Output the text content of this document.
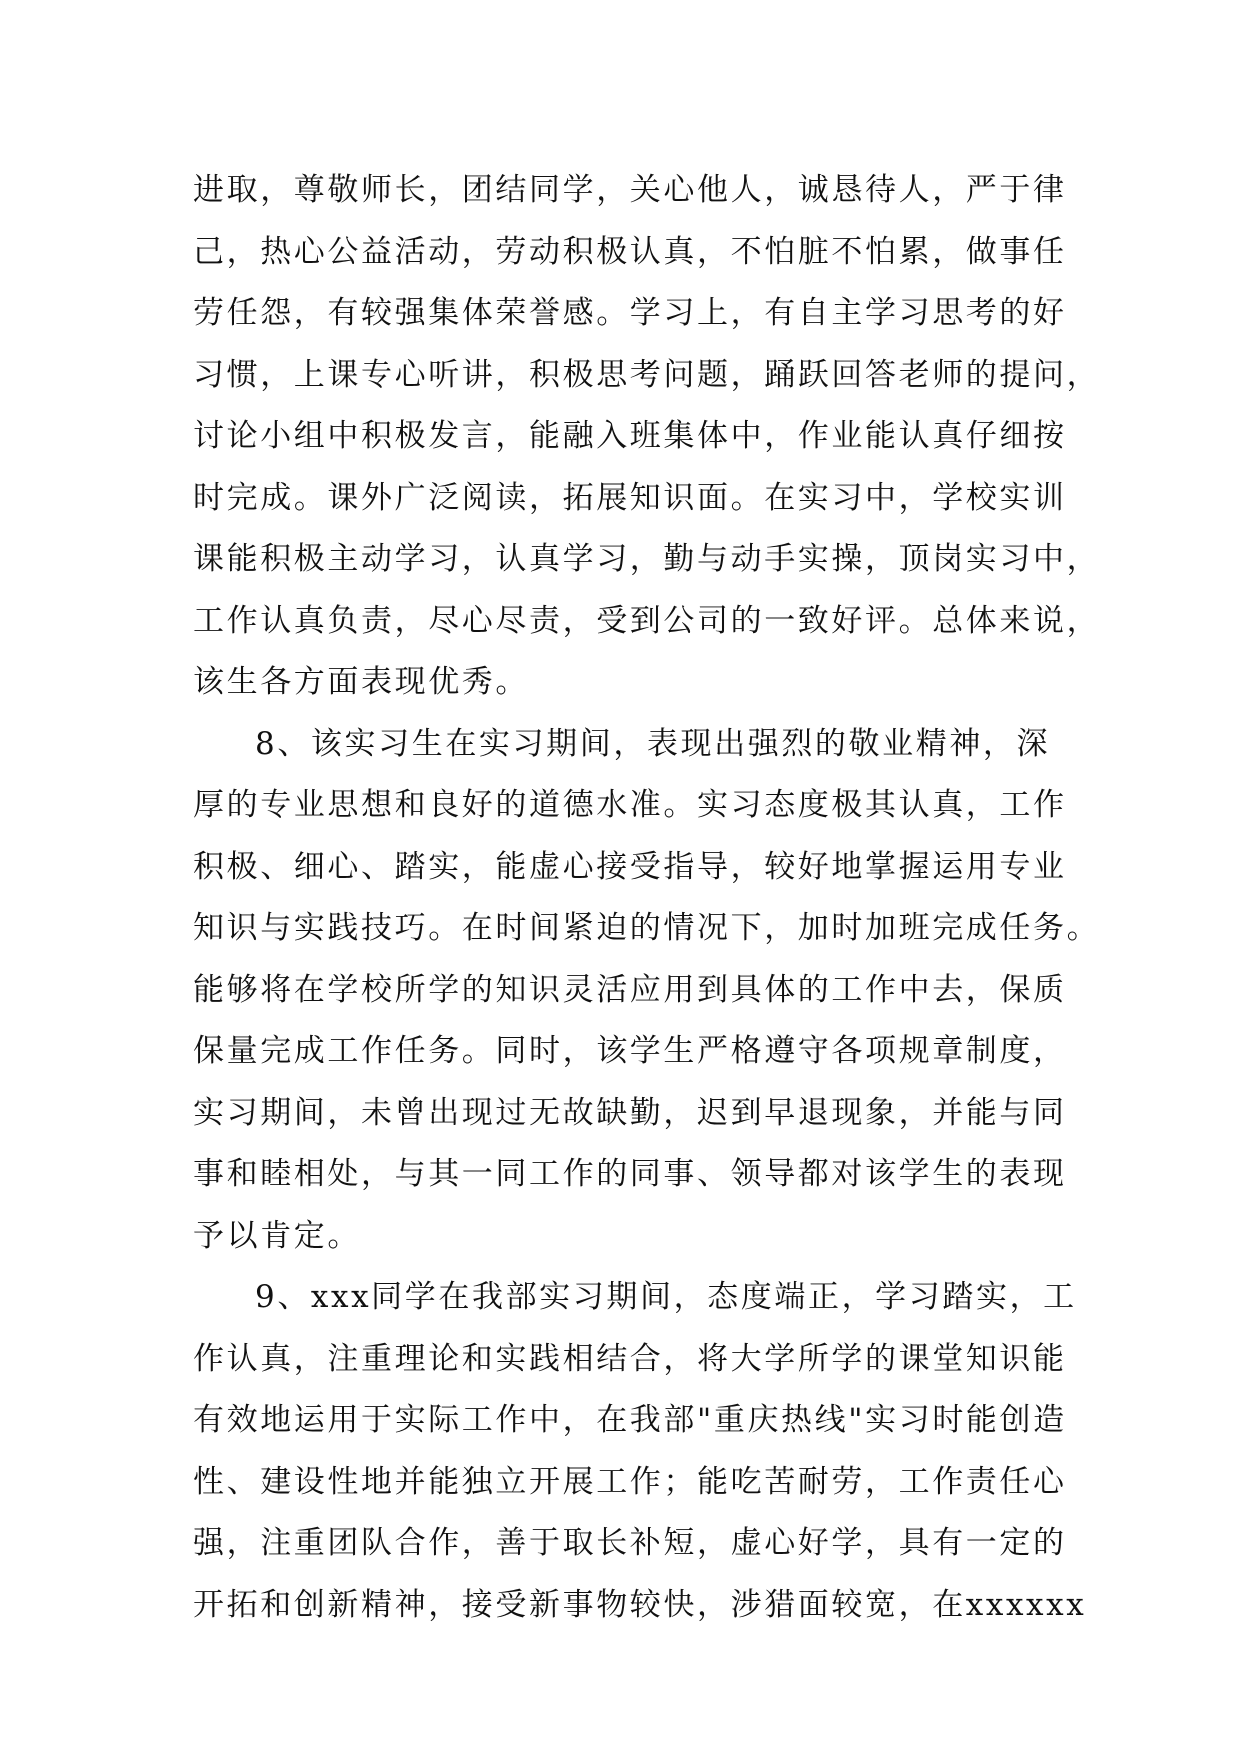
进取，尊敬师长，团结同学，关心他人，诚恳待人，严于律
己，热心公益活动，劳动积极认真，不怕脏不怕累，做事任
劳任怨，有较强集体荣誉感。学习上，有自主学习思考的好
习惯，上课专心听讲，积极思考问题，踊跃回答老师的提问，
讨论小组中积极发言，能融入班集体中，作业能认真仔细按
时完成。课外广泛阅读，拓展知识面。在实习中，学校实训
课能积极主动学习，认真学习，勤与动手实操，顶岗实习中，
工作认真负责，尽心尽责，受到公司的一致好评。总体来说，
该生各方面表现优秀。
8、该实习生在实习期间，表现出强烈的敬业精神，深
厚的专业思想和良好的道德水准。实习态度极其认真，工作
积极、细心、踏实，能虚心接受指导，较好地掌握运用专业
知识与实践技巧。在时间紧迫的情况下，加时加班完成任务。
能够将在学校所学的知识灵活应用到具体的工作中去，保质
保量完成工作任务。同时，该学生严格遵守各项规章制度，
实习期间，未曾出现过无故缺勤，迟到早退现象，并能与同
事和睦相处，与其一同工作的同事、领导都对该学生的表现
予以肯定。
9、xxx同学在我部实习期间，态度端正，学习踏实，工
作认真，注重理论和实践相结合，将大学所学的课堂知识能
有效地运用于实际工作中，在我部"重庆热线"实习时能创造
性、建设性地并能独立开展工作；能吃苦耐劳，工作责任心
强，注重团队合作，善于取长补短，虚心好学，具有一定的
开拓和创新精神，接受新事物较快，涉猎面较宽，在xxxxxx
